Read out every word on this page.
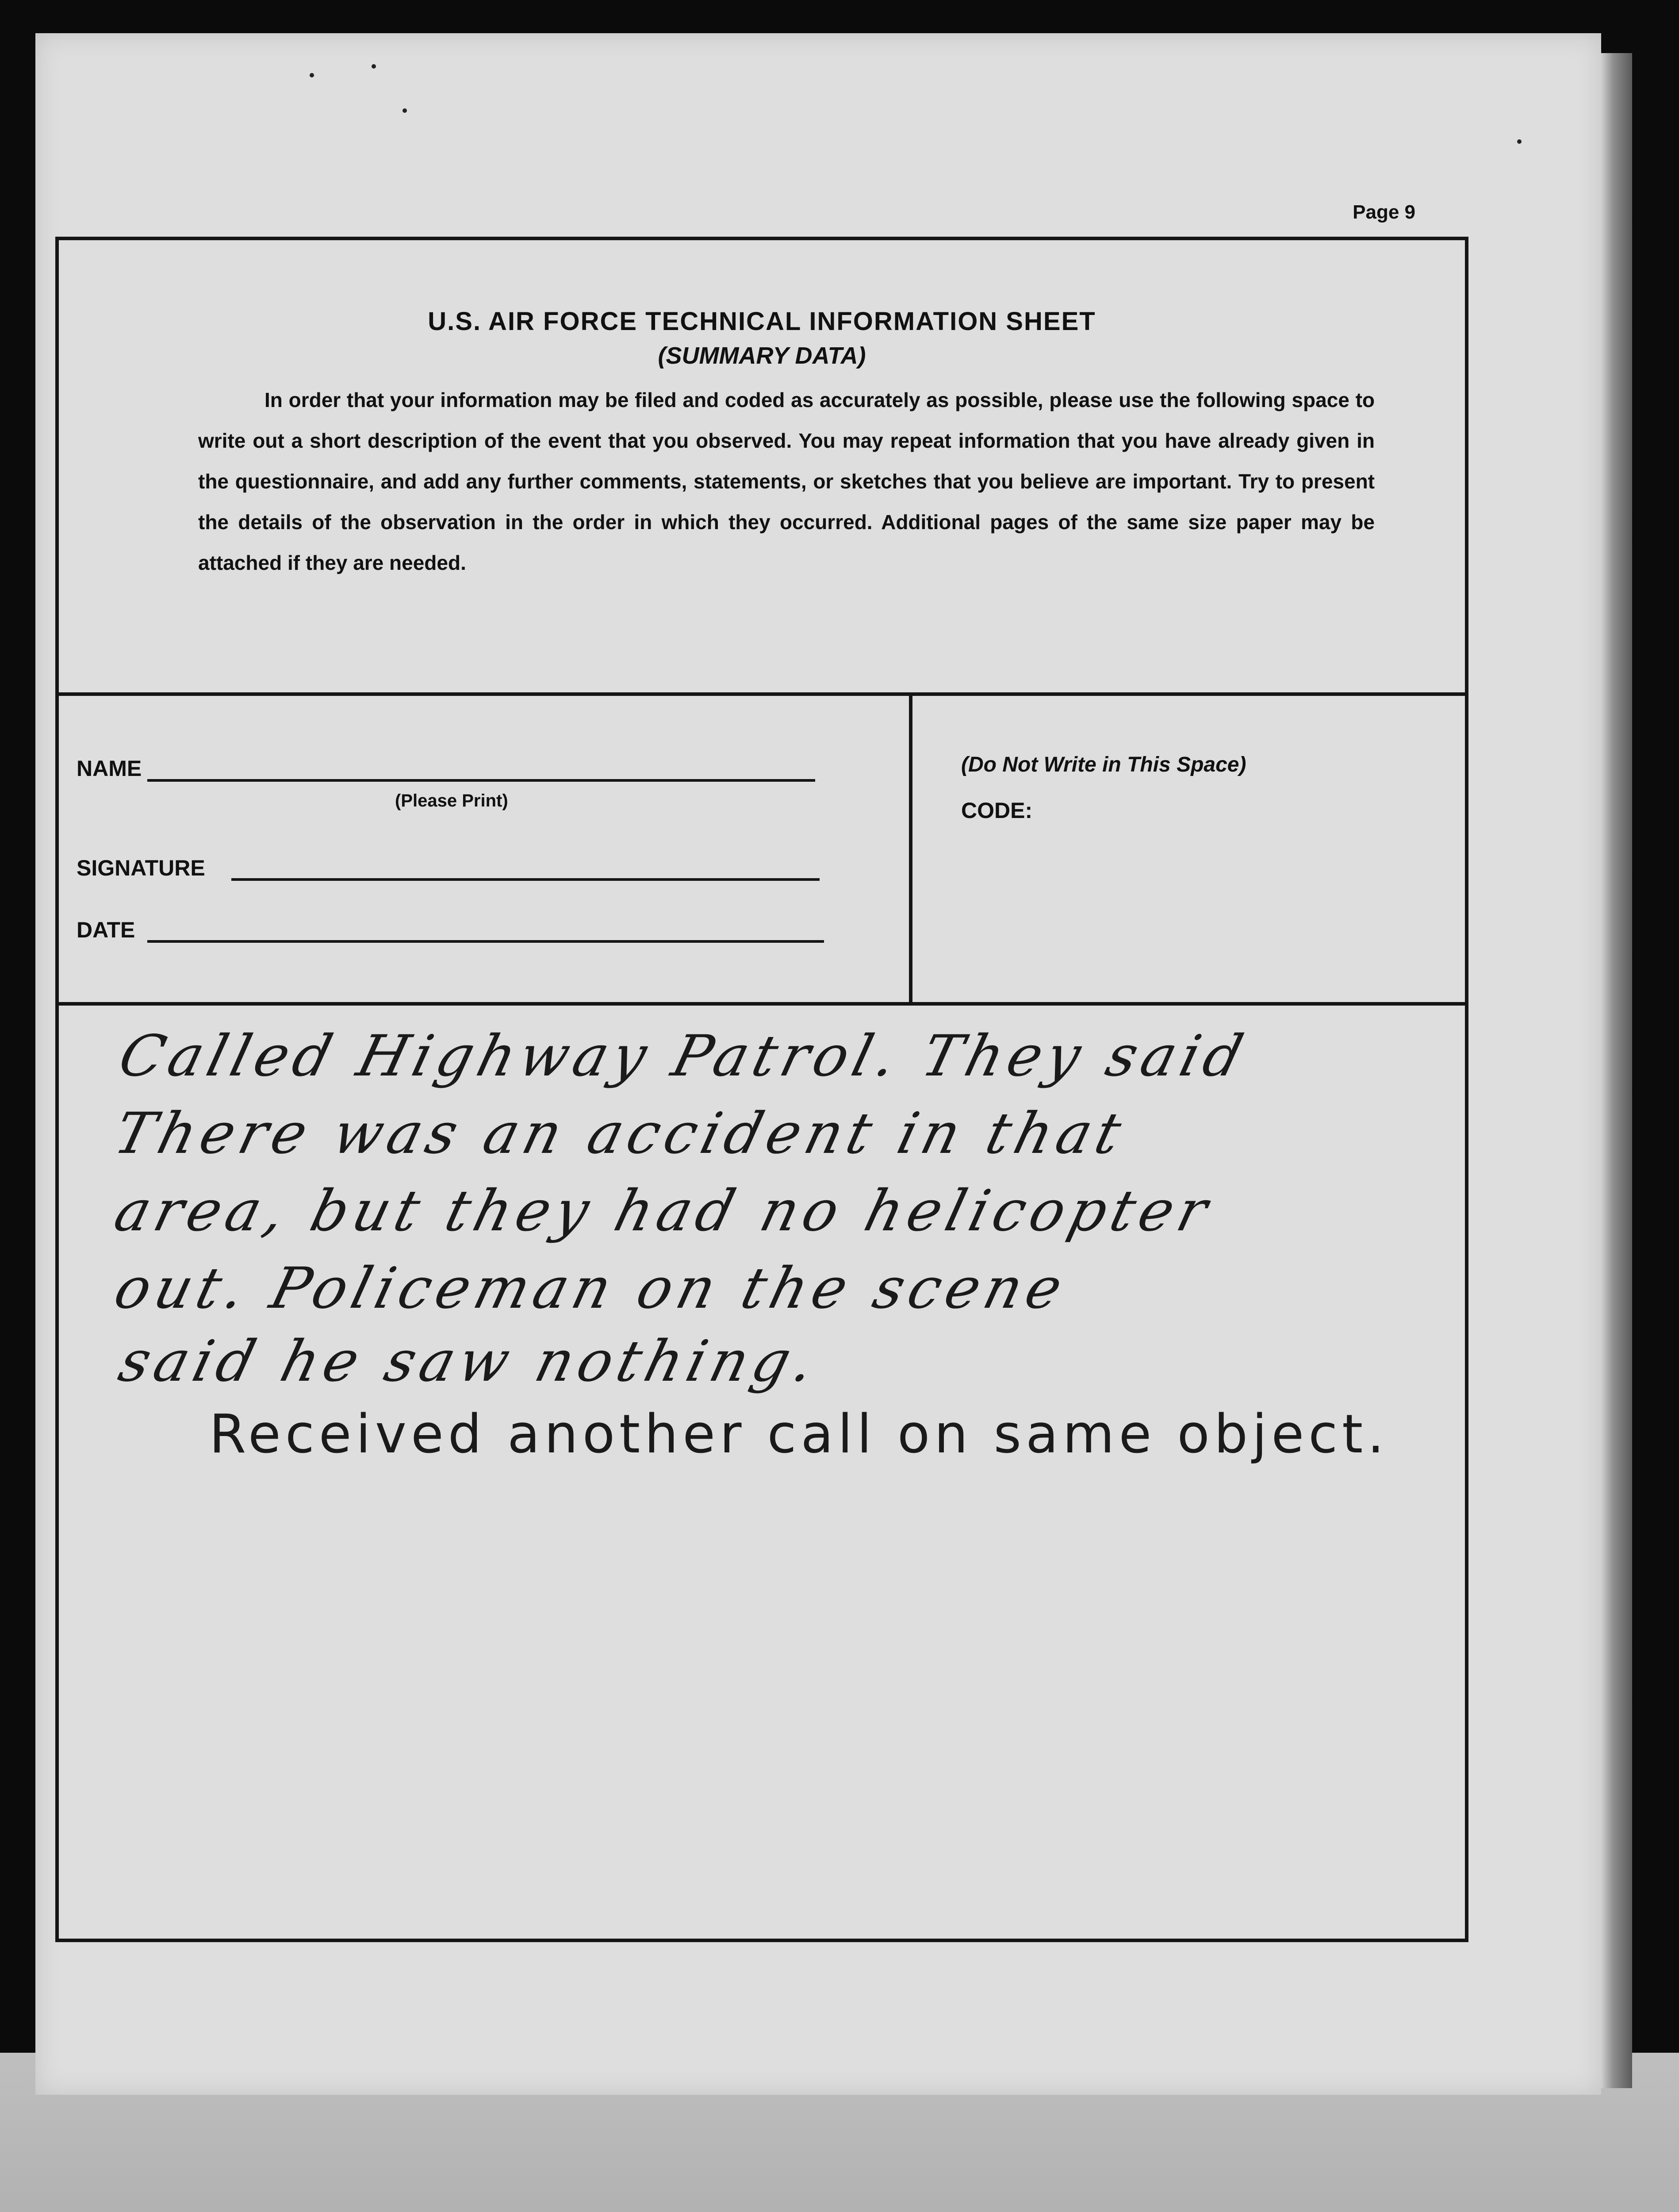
Page 9
U.S. AIR FORCE TECHNICAL INFORMATION SHEET
(SUMMARY DATA)
In order that your information may be filed and coded as accurately as possible, please use the following space to write out a short description of the event that you observed. You may repeat information that you have already given in the questionnaire, and add any further comments, statements, or sketches that you believe are important. Try to present the details of the observation in the order in which they occurred. Additional pages of the same size paper may be attached if they are needed.
NAME
(Please Print)
SIGNATURE
DATE
(Do Not Write in This Space)
CODE:
Called Highway Patrol. They said
There was an accident in that
area, but they had no helicopter
out. Policeman on the scene
said he saw nothing.
Received another call on same object.
